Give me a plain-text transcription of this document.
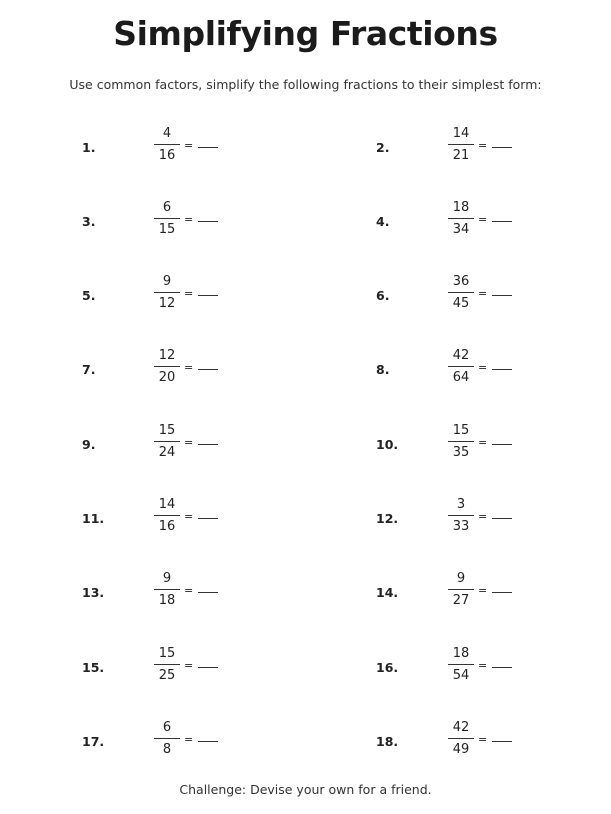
Simplifying Fractions
Use common factors, simplify the following fractions to their simplest form:
1.
4
16
=	2.
14
21
=
3.
6
15
=	4.
18
34
=
5.
9
12
=	6.
36
45
=
7.
12
20
=	8.
42
64
=
9.
15
24
=	10.
15
35
=
11.
14
16
=	12.
3
33
=
13.
9
18
=	14.
9
27
=
15.
15
25
=	16.
18
54
=
17.
6
8
=	18.
42
49
=
Challenge: Devise your own for a friend.
